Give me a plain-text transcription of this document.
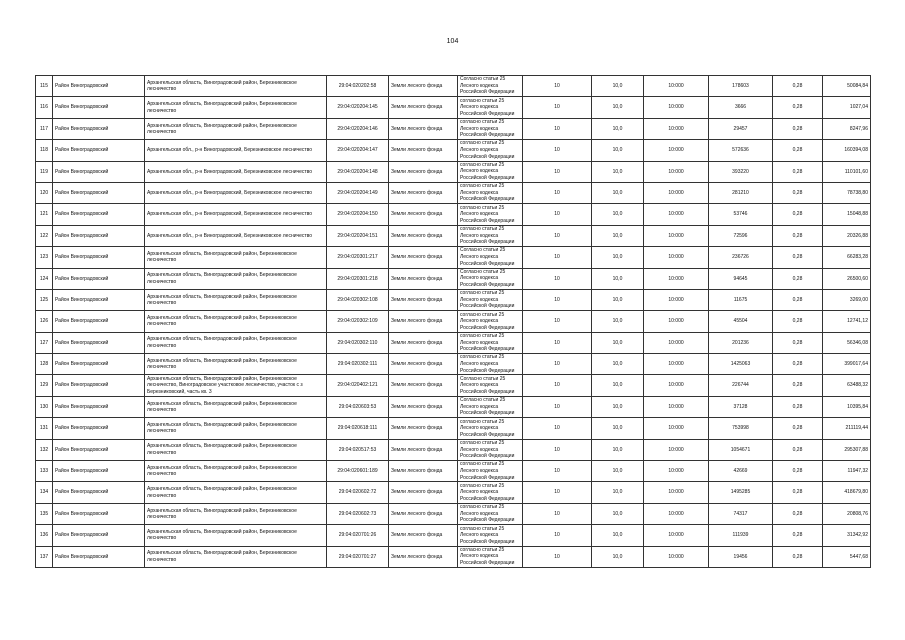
104
115	Район Виноградовский	Архангельская область, Виноградовский район, Березниковское лесничество	29:04:020202:58	Земли лесного фонда	Согласно статьи 25 Лесного кодекса Российской Федерации	10	10,0	10:000	178603	0,28	50084,84
116	Район Виноградовский	Архангельская область, Виноградовский район, Березниковское лесничество	29:04:020204:145	Земли лесного фонда	согласно статьи 25 Лесного кодекса Российской Федерации	10	10,0	10:000	3666	0,28	1027,04
117	Район Виноградовский	Архангельская область, Виноградовский район, Березниковское лесничество	29:04:020204:146	Земли лесного фонда	согласно статьи 25 Лесного кодекса Российской Федерации	10	10,0	10:000	29457	0,28	8247,96
118	Район Виноградовский	Архангельская обл., р-н Виноградовский, Березниковское лесничество	29:04:020204:147	Земли лесного фонда	согласно статьи 25 Лесного кодекса Российской Федерации	10	10,0	10:000	572636	0,28	160394,08
119	Район Виноградовский	Архангельская обл., р-н Виноградовский, Березниковское лесничество	29:04:020204:148	Земли лесного фонда	согласно статьи 25 Лесного кодекса Российской Федерации	10	10,0	10:000	393220	0,28	110101,60
120	Район Виноградовский	Архангельская обл., р-н Виноградовский, Березниковское лесничество	29:04:020204:149	Земли лесного фонда	согласно статьи 25 Лесного кодекса Российской Федерации	10	10,0	10:000	281210	0,28	78738,80
121	Район Виноградовский	Архангельская обл., р-н Виноградовский, Березниковское лесничество	29:04:020204:150	Земли лесного фонда	согласно статьи 25 Лесного кодекса Российской Федерации	10	10,0	10:000	53746	0,28	15048,88
122	Район Виноградовский	Архангельская обл., р-н Виноградовский, Березниковское лесничество	29:04:020204:151	Земли лесного фонда	согласно статьи 25 Лесного кодекса Российской Федерации	10	10,0	10:000	72596	0,28	20326,88
123	Район Виноградовский	Архангельская область, Виноградовский район, Березниковское лесничество	29:04:020301:217	Земли лесного фонда	Согласно статьи 25 Лесного кодекса Российской Федерации	10	10,0	10:000	236726	0,28	66283,28
124	Район Виноградовский	Архангельская область, Виноградовский район, Березниковское лесничество	29:04:020301:218	Земли лесного фонда	Согласно статьи 25 Лесного кодекса Российской Федерации	10	10,0	10:000	94645	0,28	26500,60
125	Район Виноградовский	Архангельская область, Виноградовский район, Березниковское лесничество	29:04:020302:108	Земли лесного фонда	согласно статьи 25 Лесного кодекса Российской Федерации	10	10,0	10:000	11675	0,28	3269,00
126	Район Виноградовский	Архангельская область, Виноградовский район, Березниковское лесничество	29:04:020302:109	Земли лесного фонда	согласно статьи 25 Лесного кодекса Российской Федерации	10	10,0	10:000	45504	0,28	12741,12
127	Район Виноградовский	Архангельская область, Виноградовский район, Березниковское лесничество	29:04:020302:110	Земли лесного фонда	согласно статьи 25 Лесного кодекса Российской Федерации	10	10,0	10:000	201236	0,28	56346,08
128	Район Виноградовский	Архангельская область, Виноградовский район, Березниковское лесничество	29:04:020302:111	Земли лесного фонда	согласно статьи 25 Лесного кодекса Российской Федерации	10	10,0	10:000	1425063	0,28	399017,64
129	Район Виноградовский	Архангельская область, Виноградовский район, Березниковское лесничество, Виноградовское участковое лесничество, участок с з Березниковский, часть кв. 3	29:04:020402:121	Земли лесного фонда	Согласно статьи 25 Лесного кодекса Российской Федерации	10	10,0	10:000	226744	0,28	63488,32
130	Район Виноградовский	Архангельская область, Виноградовский район, Березниковское лесничество	29:04:020603:53	Земли лесного фонда	Согласно статьи 25 Лесного кодекса Российской Федерации	10	10,0	10:000	37128	0,28	10395,84
131	Район Виноградовский	Архангельская область, Виноградовский район, Березниковское лесничество	29:04:020618:111	Земли лесного фонда	согласно статьи 25 Лесного кодекса Российской Федерации	10	10,0	10:000	753998	0,28	211119,44
132	Район Виноградовский	Архангельская область, Виноградовский район, Березниковское лесничество	29:04:020517:53	Земли лесного фонда	согласно статьи 25 Лесного кодекса Российской Федерации	10	10,0	10:000	1054671	0,28	295307,88
133	Район Виноградовский	Архангельская область, Виноградовский район, Березниковское лесничество	29:04:020601:189	Земли лесного фонда	согласно статьи 25 Лесного кодекса Российской Федерации	10	10,0	10:000	42669	0,28	11947,32
134	Район Виноградовский	Архангельская область, Виноградовский район, Березниковское лесничество	29:04:020602:72	Земли лесного фонда	согласно статьи 25 Лесного кодекса Российской Федерации	10	10,0	10:000	1495285	0,28	418679,80
135	Район Виноградовский	Архангельская область, Виноградовский район, Березниковское лесничество	29:04:020602:73	Земли лесного фонда	согласно статьи 25 Лесного кодекса Российской Федерации	10	10,0	10:000	74317	0,28	20808,76
136	Район Виноградовский	Архангельская область, Виноградовский район, Березниковское лесничество	29:04:020701:26	Земли лесного фонда	согласно статьи 25 Лесного кодекса Российской Федерации	10	10,0	10:000	111939	0,28	31342,92
137	Район Виноградовский	Архангельская область, Виноградовский район, Березниковское лесничество	29:04:020701:27	Земли лесного фонда	согласно статьи 25 Лесного кодекса Российской Федерации	10	10,0	10:000	19456	0,28	5447,68
